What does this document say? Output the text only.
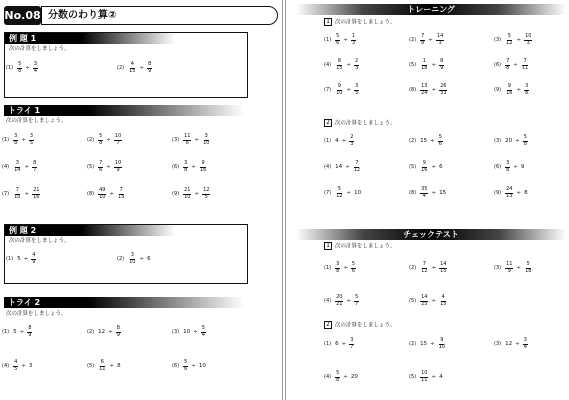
No.08 分数のわり算②
例 題 1
次の計算をしましょう。
$(1) \frac{5}{8} \div \frac{3}{4}$	$(2) \frac{4}{15} \div \frac{8}{9}$
トライ 1
次の計算をしましょう。
$(1) \frac{3}{8} \div \frac{3}{5}$	$(2) \frac{5}{8} \div \frac{10}{7}$	$(3) \frac{11}{6} \div \frac{3}{10}$
$(4) \frac{3}{14} \div \frac{8}{7}$	$(5) \frac{7}{6} \div \frac{10}{9}$	$(6) \frac{3}{8} \div \frac{9}{16}$
$(7) \frac{7}{10} \div \frac{21}{16}$	$(8) \frac{49}{10} \div \frac{7}{15}$	$(9) \frac{21}{10} \div \frac{12}{5}$
例 題 2
次の計算をしましょう。
(1) $5 \div \frac{4}{9}$	$(2) \frac{3}{10} \div 6$
トライ 2
次の計算をしましょう。
(1) $5 \div \frac{8}{9}$	(2) $12 \div \frac{8}{9}$	(3) $10 \div \frac{5}{4}$
$(4) \frac{4}{5} \div 3$	$(5) \frac{6}{11} \div 8$	$(6) \frac{5}{6} \div 10$
トレーニング
1 次の計算をしましょう。
$(1) \frac{5}{6} \div \frac{1}{3}$	$(2) \frac{7}{8} \div \frac{14}{3}$	$(3) \frac{5}{12} \div \frac{10}{3}$
$(4) \frac{8}{15} \div \frac{2}{3}$	$(5) \frac{1}{18} \div \frac{8}{9}$	$(6) \frac{7}{8} \div \frac{7}{11}$
$(7) \frac{9}{10} \div \frac{3}{5}$	$(8) \frac{13}{24} \div \frac{26}{33}$	$(9) \frac{9}{16} \div \frac{3}{8}$
2 次の計算をしましょう。
(1) $4 \div \frac{2}{3}$	(2) $15 \div \frac{5}{6}$	(3) $20 \div \frac{5}{8}$
(4) $14 \div \frac{7}{12}$	$(5) \frac{9}{16} \div 6$	$(6) \frac{3}{8} \div 9$
$(7) \frac{5}{12} \div 10$	$(8) \frac{35}{4} \div 15$	$(9) \frac{24}{13} \div 8$
チェックテスト
1 次の計算をしましょう。
$(1) \frac{3}{8} \div \frac{5}{6}$	$(2) \frac{7}{12} \div \frac{14}{15}$	$(3) \frac{11}{9} \div \frac{5}{18}$
$(4) \frac{20}{21} \div \frac{5}{7}$	$(5) \frac{14}{25} \div \frac{4}{15}$
2 次の計算をしましょう。
(1) $6 \div \frac{3}{7}$	(2) $15 \div \frac{9}{10}$	(3) $12 \div \frac{3}{4}$
$(4) \frac{5}{8} \div 20$	$(5) \frac{10}{11} \div 4$
